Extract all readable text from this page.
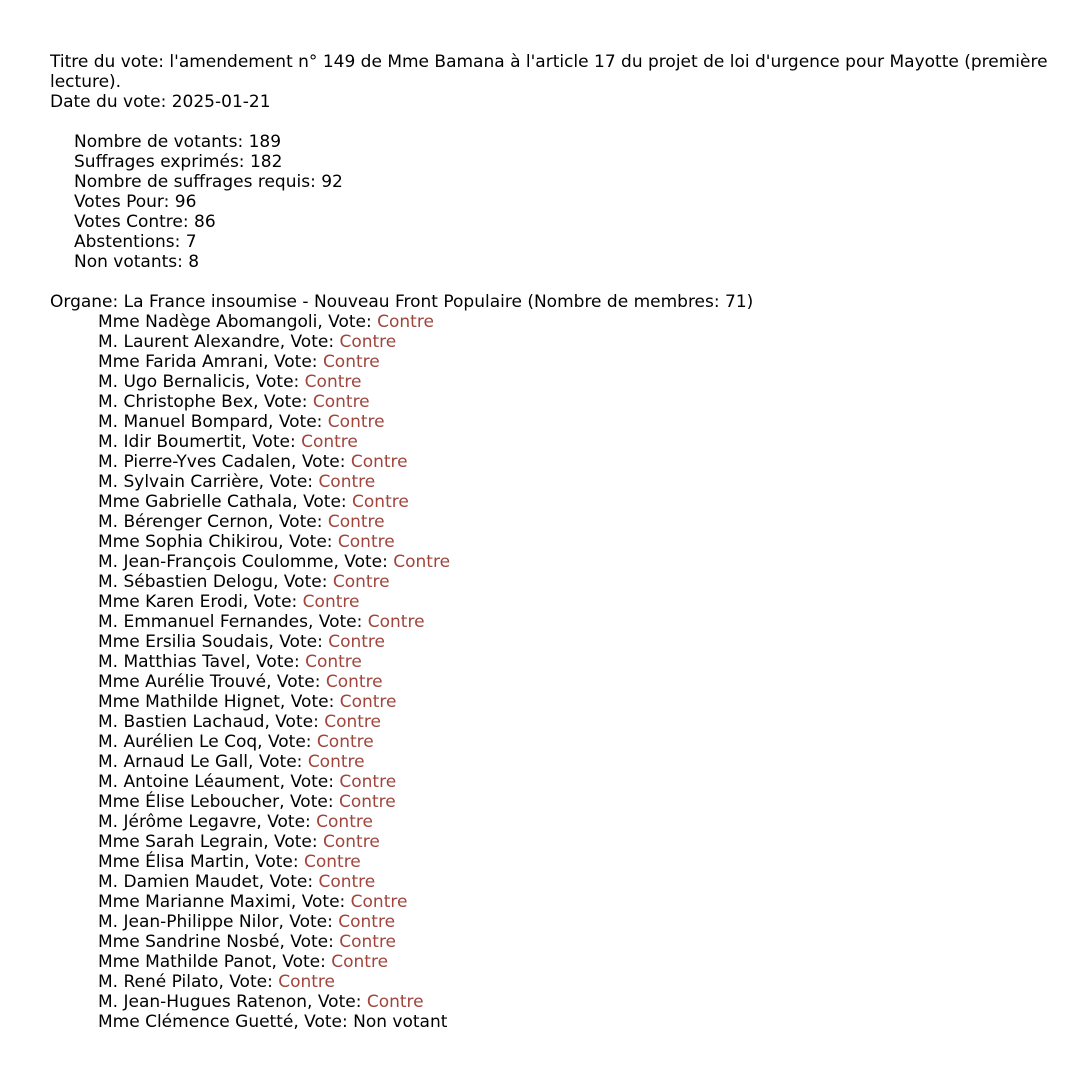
Titre du vote: l'amendement n° 149 de Mme Bamana à l'article 17 du projet de loi d'urgence pour Mayotte (première lecture).
Date du vote: 2025-01-21
Nombre de votants: 189
Suffrages exprimés: 182
Nombre de suffrages requis: 92
Votes Pour: 96
Votes Contre: 86
Abstentions: 7
Non votants: 8
Organe: La France insoumise - Nouveau Front Populaire (Nombre de membres: 71)
Mme Nadège Abomangoli, Vote: Contre
M. Laurent Alexandre, Vote: Contre
Mme Farida Amrani, Vote: Contre
M. Ugo Bernalicis, Vote: Contre
M. Christophe Bex, Vote: Contre
M. Manuel Bompard, Vote: Contre
M. Idir Boumertit, Vote: Contre
M. Pierre-Yves Cadalen, Vote: Contre
M. Sylvain Carrière, Vote: Contre
Mme Gabrielle Cathala, Vote: Contre
M. Bérenger Cernon, Vote: Contre
Mme Sophia Chikirou, Vote: Contre
M. Jean-François Coulomme, Vote: Contre
M. Sébastien Delogu, Vote: Contre
Mme Karen Erodi, Vote: Contre
M. Emmanuel Fernandes, Vote: Contre
Mme Ersilia Soudais, Vote: Contre
M. Matthias Tavel, Vote: Contre
Mme Aurélie Trouvé, Vote: Contre
Mme Mathilde Hignet, Vote: Contre
M. Bastien Lachaud, Vote: Contre
M. Aurélien Le Coq, Vote: Contre
M. Arnaud Le Gall, Vote: Contre
M. Antoine Léaument, Vote: Contre
Mme Élise Leboucher, Vote: Contre
M. Jérôme Legavre, Vote: Contre
Mme Sarah Legrain, Vote: Contre
Mme Élisa Martin, Vote: Contre
M. Damien Maudet, Vote: Contre
Mme Marianne Maximi, Vote: Contre
M. Jean-Philippe Nilor, Vote: Contre
Mme Sandrine Nosbé, Vote: Contre
Mme Mathilde Panot, Vote: Contre
M. René Pilato, Vote: Contre
M. Jean-Hugues Ratenon, Vote: Contre
Mme Clémence Guetté, Vote: Non votant
